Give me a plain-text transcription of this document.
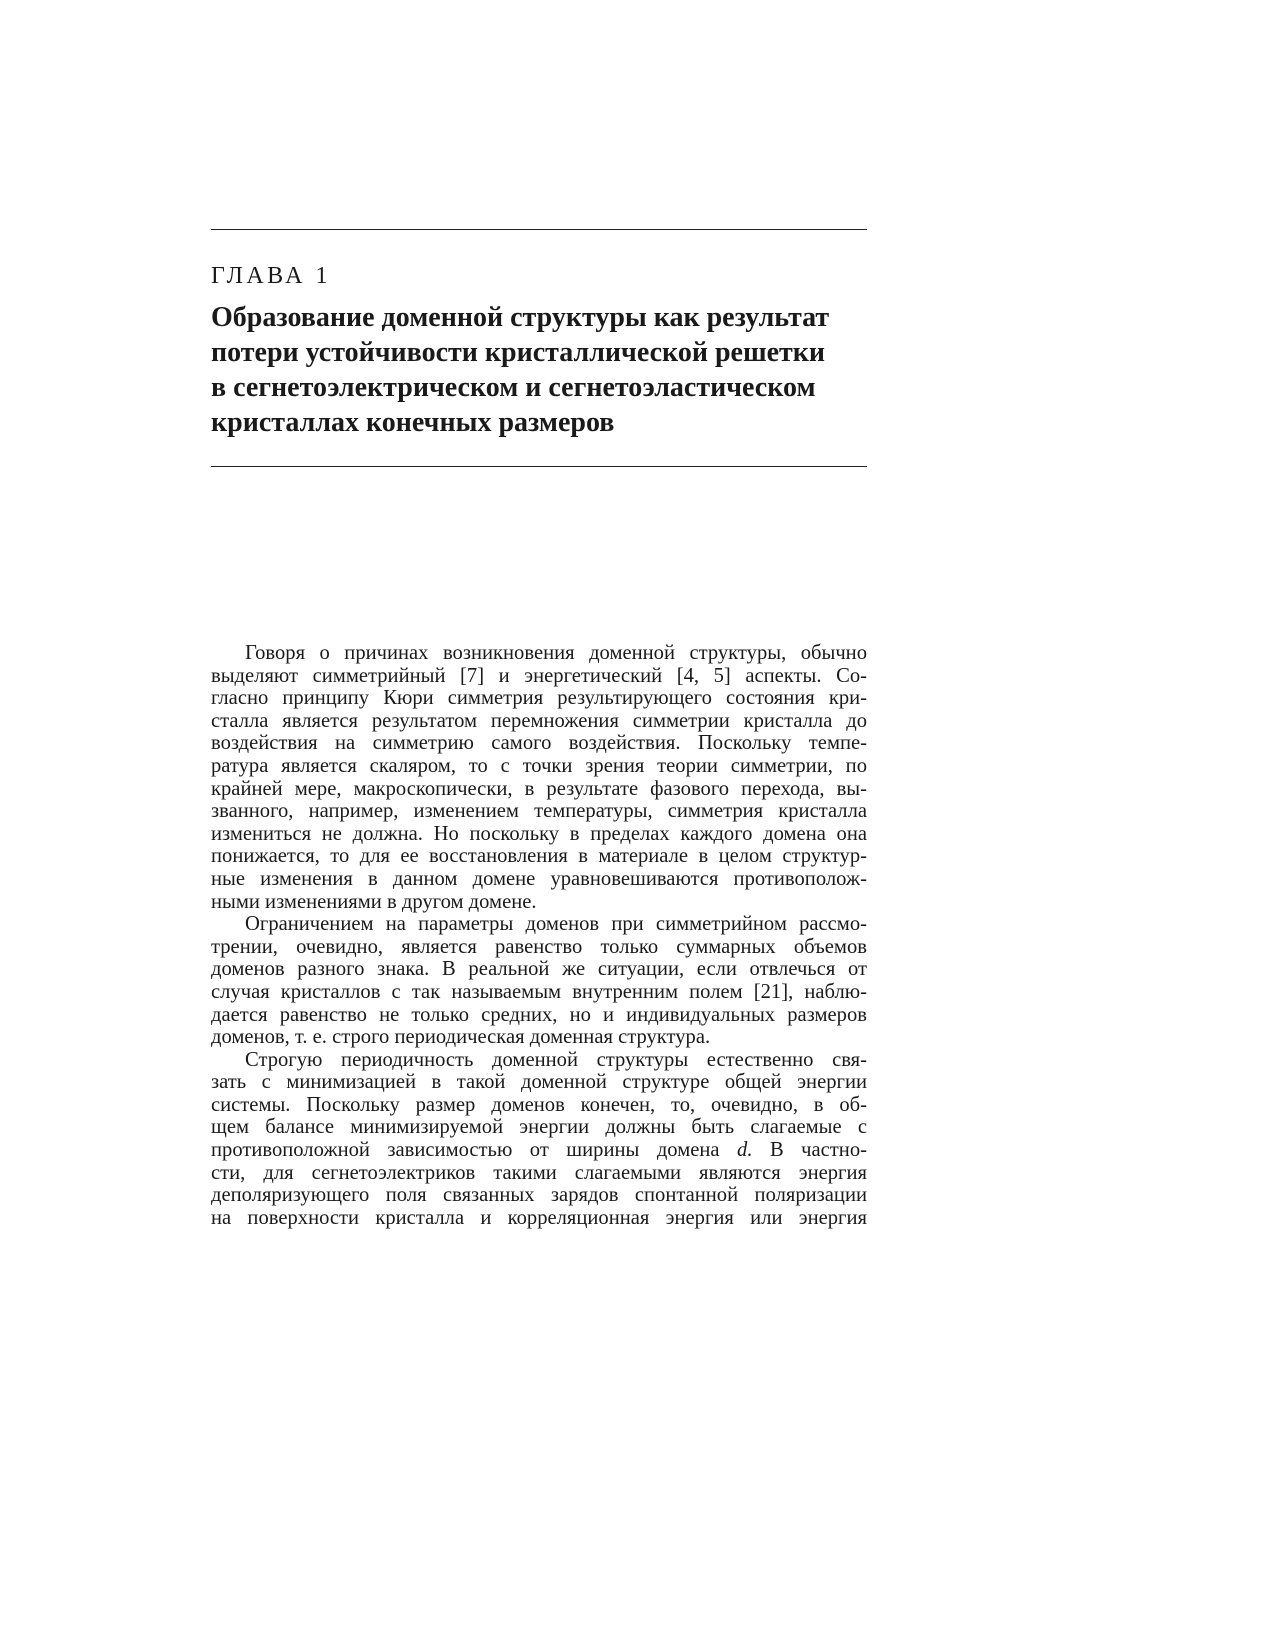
ГЛАВА 1
Образование доменной структуры как результат
потери устойчивости кристаллической решетки
в сегнетоэлектрическом и сегнетоэластическом
кристаллах конечных размеров

Говоря о причинах возникновения доменной структуры, обычно
выделяют симметрийный [7] и энергетический [4, 5] аспекты. Со-
гласно принципу Кюри симметрия результирующего состояния кри-
сталла является результатом перемножения симметрии кристалла до
воздействия на симметрию самого воздействия. Поскольку темпе-
ратура является скаляром, то с точки зрения теории симметрии, по
крайней мере, макроскопически, в результате фазового перехода, вы-
званного, например, изменением температуры, симметрия кристалла
измениться не должна. Но поскольку в пределах каждого домена она
понижается, то для ее восстановления в материале в целом структур-
ные изменения в данном домене уравновешиваются противополож-
ными изменениями в другом домене.

Ограничением на параметры доменов при симметрийном рассмо-
трении, очевидно, является равенство только суммарных объемов
доменов разного знака. В реальной же ситуации, если отвлечься от
случая кристаллов с так называемым внутренним полем [21], наблю-
дается равенство не только средних, но и индивидуальных размеров
доменов, т. е. строго периодическая доменная структура.

Строгую периодичность доменной структуры естественно свя-
зать с минимизацией в такой доменной структуре общей энергии
системы. Поскольку размер доменов конечен, то, очевидно, в об-
щем балансе минимизируемой энергии должны быть слагаемые с
противоположной зависимостью от ширины домена d. В частно-
сти, для сегнетоэлектриков такими слагаемыми являются энергия
деполяризующего поля связанных зарядов спонтанной поляризации
на поверхности кристалла и корреляционная энергия или энергия
